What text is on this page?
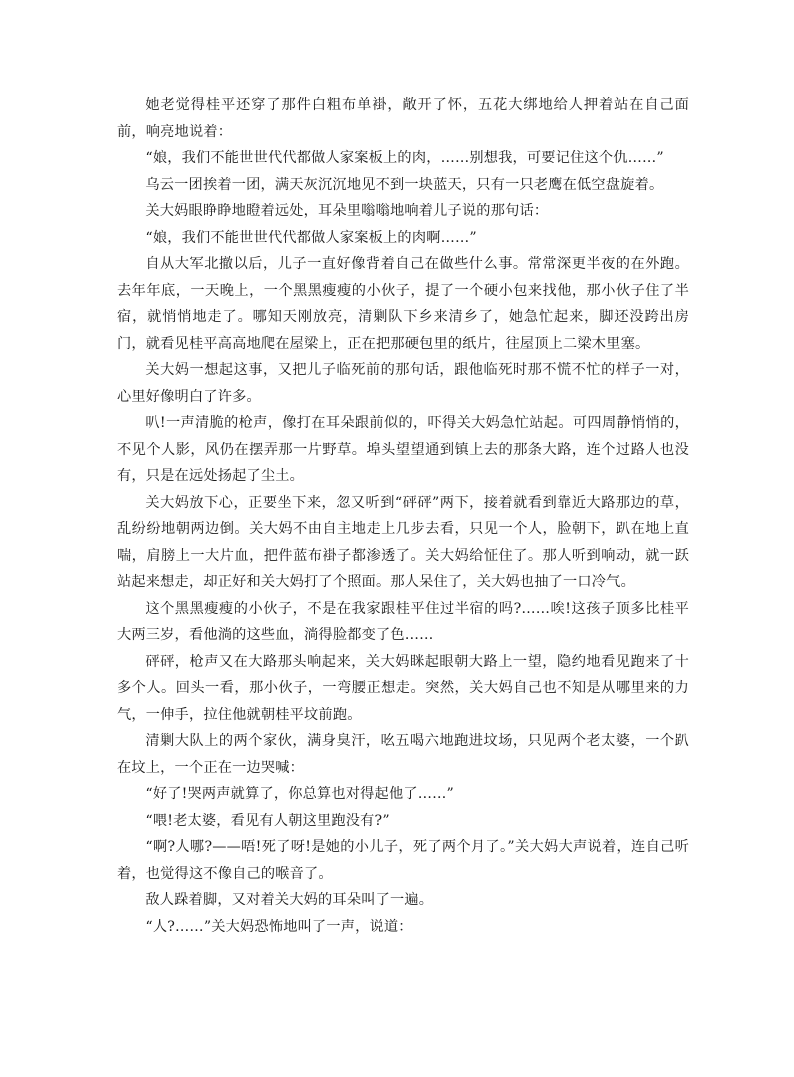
她老觉得桂平还穿了那件白粗布单褂，敞开了怀，五花大绑地给人押着站在自己面前，响亮地说着：

“娘，我们不能世世代代都做人家案板上的肉，……别想我，可要记住这个仇……”

乌云一团挨着一团，满天灰沉沉地见不到一块蓝天，只有一只老鹰在低空盘旋着。

关大妈眼睁睁地瞪着远处，耳朵里嗡嗡地响着儿子说的那句话：

“娘，我们不能世世代代都做人家案板上的肉啊……”

自从大军北撤以后，儿子一直好像背着自己在做些什么事。常常深更半夜的在外跑。去年年底，一天晚上，一个黑黑瘦瘦的小伙子，提了一个硬小包来找他，那小伙子住了半宿，就悄悄地走了。哪知天刚放亮，清剿队下乡来清乡了，她急忙起来，脚还没跨出房门，就看见桂平高高地爬在屋梁上，正在把那硬包里的纸片，往屋顶上二梁木里塞。

关大妈一想起这事，又把儿子临死前的那句话，跟他临死时那不慌不忙的样子一对，心里好像明白了许多。

叭!一声清脆的枪声，像打在耳朵跟前似的，吓得关大妈急忙站起。可四周静悄悄的，不见个人影，风仍在摆弄那一片野草。埠头望望通到镇上去的那条大路，连个过路人也没有，只是在远处扬起了尘土。

关大妈放下心，正要坐下来，忽又听到“砰砰”两下，接着就看到靠近大路那边的草，乱纷纷地朝两边倒。关大妈不由自主地走上几步去看，只见一个人，脸朝下，趴在地上直喘，肩膀上一大片血，把件蓝布褂子都渗透了。关大妈给怔住了。那人听到响动，就一跃站起来想走，却正好和关大妈打了个照面。那人呆住了，关大妈也抽了一口冷气。

这个黑黑瘦瘦的小伙子，不是在我家跟桂平住过半宿的吗?……唉!这孩子顶多比桂平大两三岁，看他淌的这些血，淌得脸都变了色……

砰砰，枪声又在大路那头响起来，关大妈眯起眼朝大路上一望，隐约地看见跑来了十多个人。回头一看，那小伙子，一弯腰正想走。突然，关大妈自己也不知是从哪里来的力气，一伸手，拉住他就朝桂平坟前跑。

清剿大队上的两个家伙，满身臭汗，吆五喝六地跑进坟场，只见两个老太婆，一个趴在坟上，一个正在一边哭喊：

“好了!哭两声就算了，你总算也对得起他了……”

“喂!老太婆，看见有人朝这里跑没有?”

“啊?人哪?——唔!死了呀!是她的小儿子，死了两个月了。”关大妈大声说着，连自己听着，也觉得这不像自己的喉音了。

敌人跺着脚，又对着关大妈的耳朵叫了一遍。

“人?……”关大妈恐怖地叫了一声，说道：
